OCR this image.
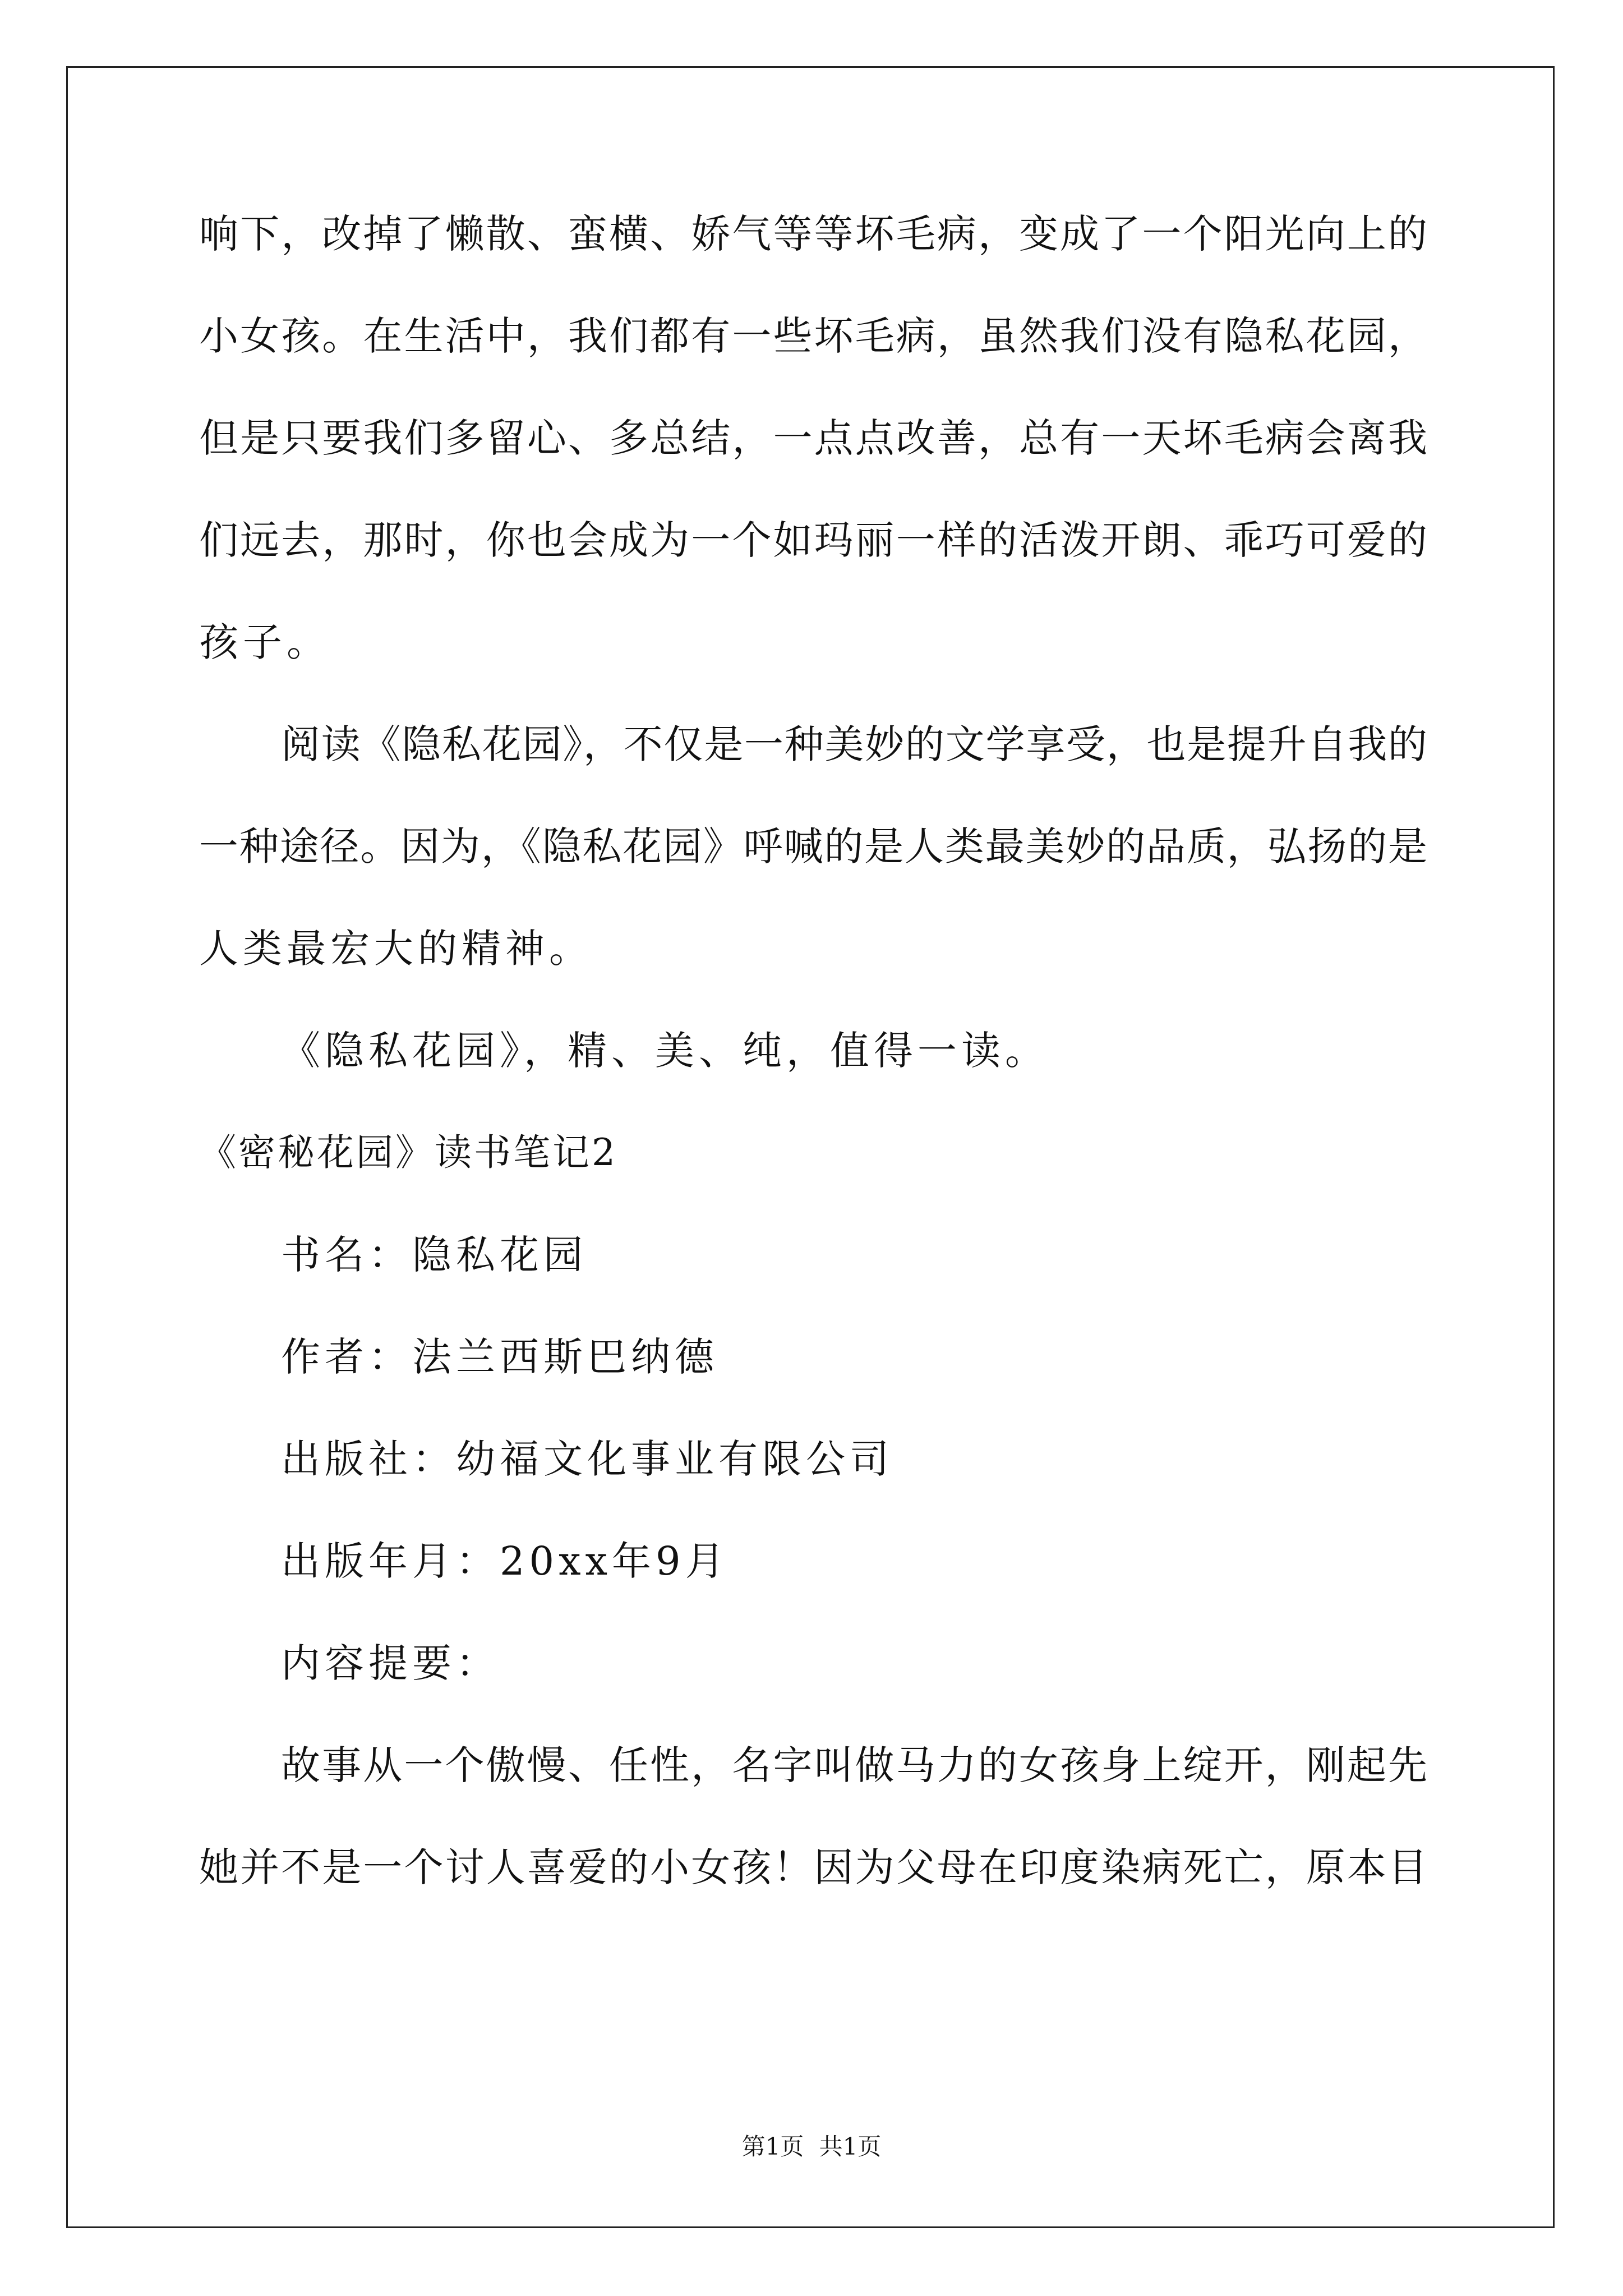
响下，改掉了懒散、蛮横、娇气等等坏毛病，变成了一个阳光向上的
小女孩。在生活中，我们都有一些坏毛病，虽然我们没有隐私花园，
但是只要我们多留心、多总结，一点点改善，总有一天坏毛病会离我
们远去，那时，你也会成为一个如玛丽一样的活泼开朗、乖巧可爱的
孩子。
阅读《隐私花园》，不仅是一种美妙的文学享受，也是提升自我的
一种途径。因为，《隐私花园》呼喊的是人类最美妙的品质，弘扬的是
人类最宏大的精神。
《隐私花园》，精、美、纯，值得一读。
《密秘花园》读书笔记2
书名：隐私花园
作者：法兰西斯巴纳德
出版社：幼福文化事业有限公司
出版年月：20xx年9月
内容提要：
故事从一个傲慢、任性，名字叫做马力的女孩身上绽开，刚起先
她并不是一个讨人喜爱的小女孩！因为父母在印度染病死亡，原本目
第1页 共1页
